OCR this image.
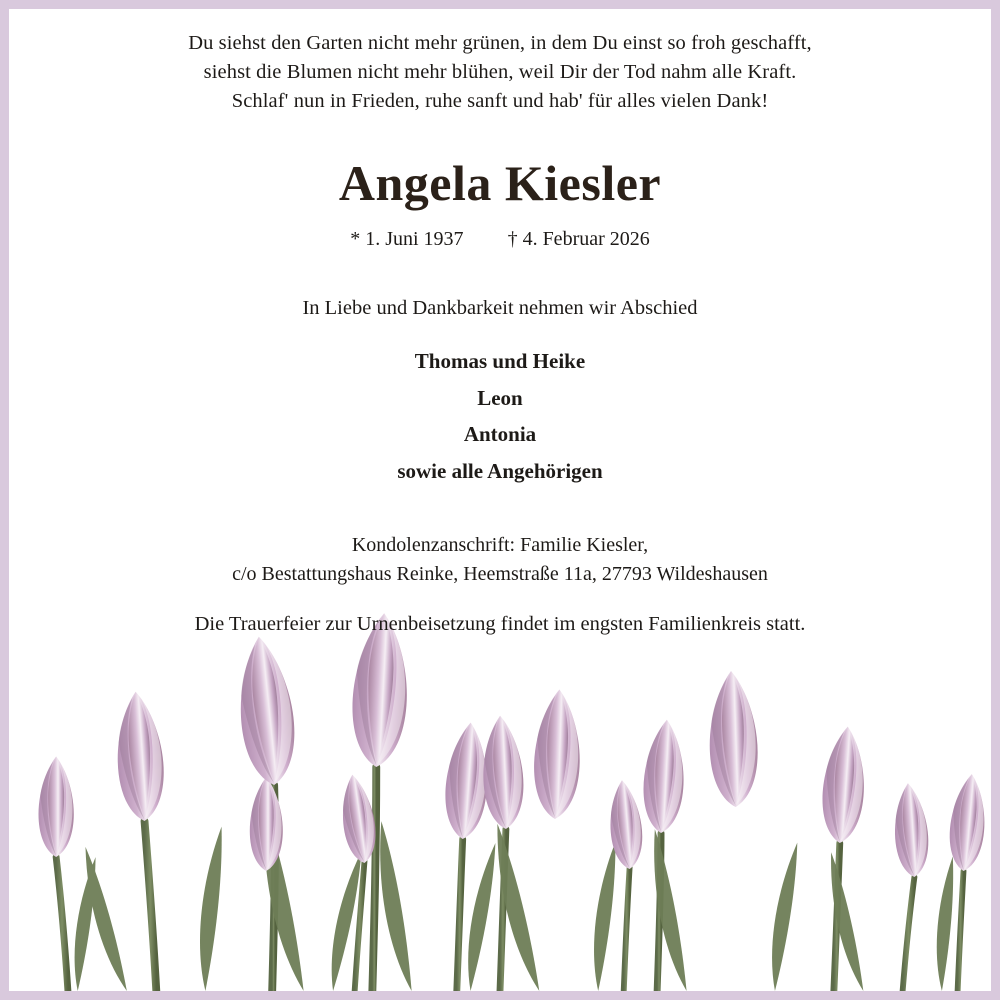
Du siehst den Garten nicht mehr grünen, in dem Du einst so froh geschafft,
siehst die Blumen nicht mehr blühen, weil Dir der Tod nahm alle Kraft.
Schlaf' nun in Frieden, ruhe sanft und hab' für alles vielen Dank!
Angela Kiesler
* 1. Juni 1937 † 4. Februar 2026
In Liebe und Dankbarkeit nehmen wir Abschied
Thomas und Heike
Leon
Antonia
sowie alle Angehörigen
Kondolenzanschrift: Familie Kiesler,
c/o Bestattungshaus Reinke, Heemstraße 11a, 27793 Wildeshausen
Die Trauerfeier zur Urnenbeisetzung findet im engsten Familienkreis statt.
